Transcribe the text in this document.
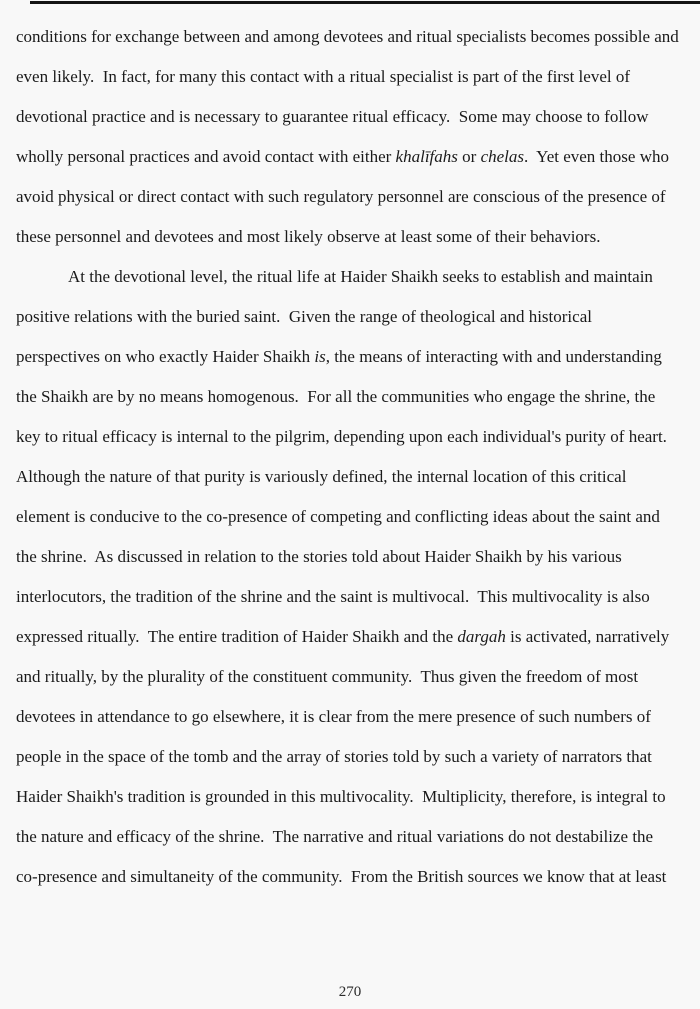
conditions for exchange between and among devotees and ritual specialists becomes possible and
even likely.  In fact, for many this contact with a ritual specialist is part of the first level of
devotional practice and is necessary to guarantee ritual efficacy.  Some may choose to follow
wholly personal practices and avoid contact with either khalīfahs or chelas.  Yet even those who
avoid physical or direct contact with such regulatory personnel are conscious of the presence of
these personnel and devotees and most likely observe at least some of their behaviors.
At the devotional level, the ritual life at Haider Shaikh seeks to establish and maintain
positive relations with the buried saint.  Given the range of theological and historical
perspectives on who exactly Haider Shaikh is, the means of interacting with and understanding
the Shaikh are by no means homogenous.  For all the communities who engage the shrine, the
key to ritual efficacy is internal to the pilgrim, depending upon each individual's purity of heart.
Although the nature of that purity is variously defined, the internal location of this critical
element is conducive to the co-presence of competing and conflicting ideas about the saint and
the shrine.  As discussed in relation to the stories told about Haider Shaikh by his various
interlocutors, the tradition of the shrine and the saint is multivocal.  This multivocality is also
expressed ritually.  The entire tradition of Haider Shaikh and the dargah is activated, narratively
and ritually, by the plurality of the constituent community.  Thus given the freedom of most
devotees in attendance to go elsewhere, it is clear from the mere presence of such numbers of
people in the space of the tomb and the array of stories told by such a variety of narrators that
Haider Shaikh's tradition is grounded in this multivocality.  Multiplicity, therefore, is integral to
the nature and efficacy of the shrine.  The narrative and ritual variations do not destabilize the
co-presence and simultaneity of the community.  From the British sources we know that at least
270
